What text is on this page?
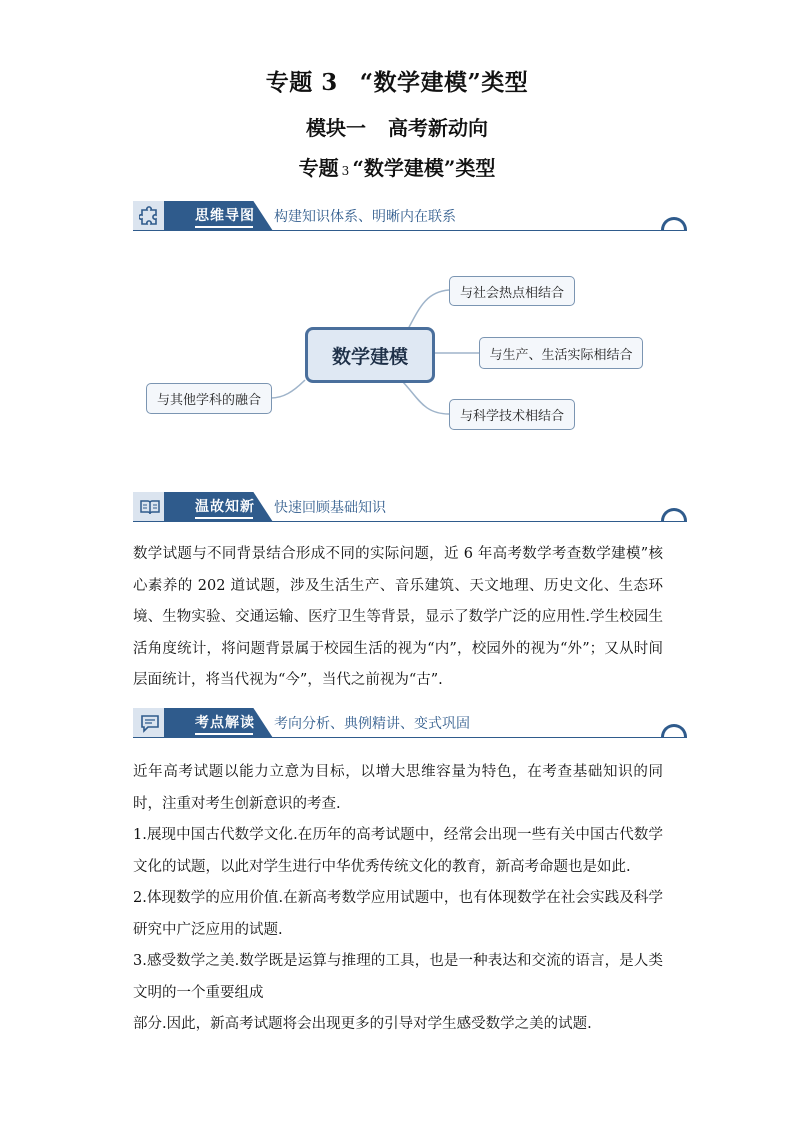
专题 3 “数学建模”类型
模块一 高考新动向
专题 3 “数学建模”类型
思维导图 构建知识体系、明晰内在联系
数学建模
与社会热点相结合
与生产、生活实际相结合
与科学技术相结合
与其他学科的融合
温故知新 快速回顾基础知识

数学试题与不同背景结合形成不同的实际问题，近 6 年高考数学考查数学建模”核心素养的 202 道试题，涉及生活生产、音乐建筑、天文地理、历史文化、生态环境、生物实验、交通运输、医疗卫生等背景，显示了数学广泛的应用性.学生校园生活角度统计，将问题背景属于校园生活的视为“内”，校园外的视为“外”；又从时间层面统计，将当代视为“今”，当代之前视为“古”.

考点解读 考向分析、典例精讲、变式巩固

近年高考试题以能力立意为目标，以增大思维容量为特色，在考查基础知识的同时，注重对考生创新意识的考查.

1.展现中国古代数学文化.在历年的高考试题中，经常会出现一些有关中国古代数学文化的试题，以此对学生进行中华优秀传统文化的教育，新高考命题也是如此.

2.体现数学的应用价值.在新高考数学应用试题中，也有体现数学在社会实践及科学研究中广泛应用的试题.

3.感受数学之美.数学既是运算与推理的工具，也是一种表达和交流的语言，是人类文明的一个重要组成

部分.因此，新高考试题将会出现更多的引导对学生感受数学之美的试题.
